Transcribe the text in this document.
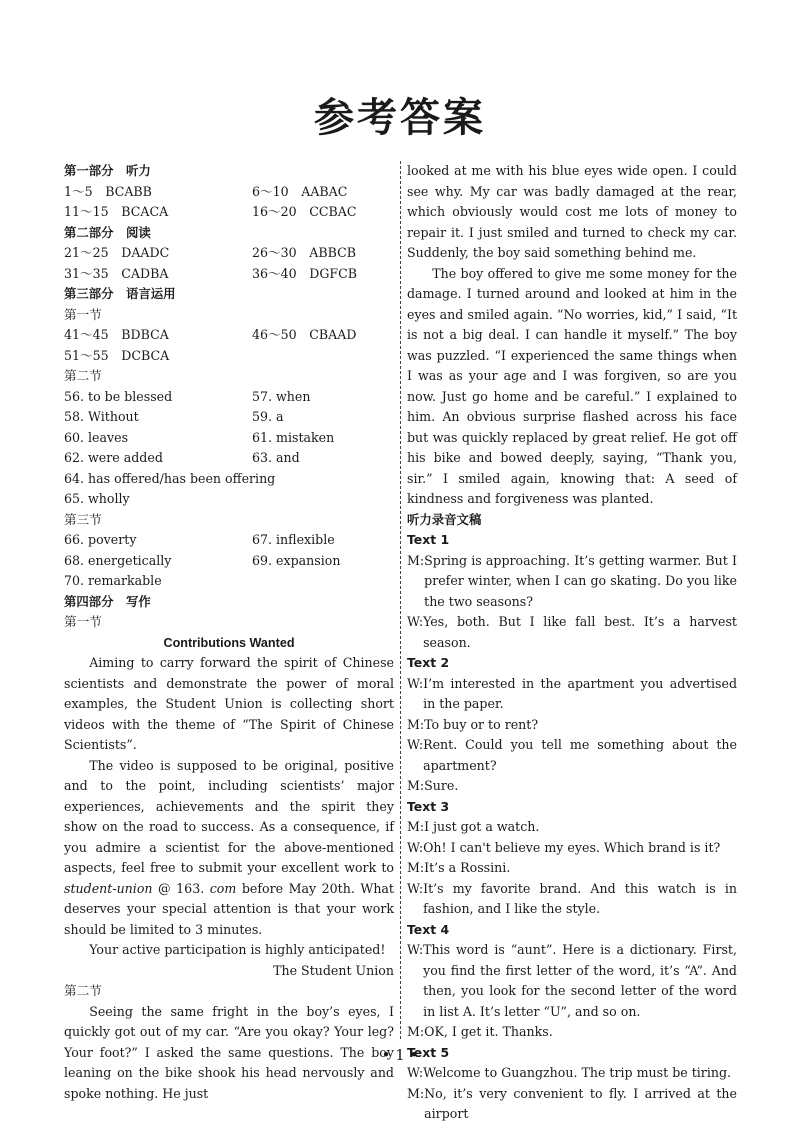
参考答案
第一部分　听力
1～5　BCABB	6～10　AABAC
11～15　BCACA	16～20　CCBAC
第二部分　阅读
21～25　DAADC	26～30　ABBCB
31～35　CADBA	36～40　DGFCB
第三部分　语言运用
第一节
41～45　BDBCA	46～50　CBAAD
51～55　DCBCA
第二节
56. to be blessed	57. when
58. Without	59. a
60. leaves	61. mistaken
62. were added	63. and
64. has offered/has been offering
65. wholly
第三节
66. poverty	67. inflexible
68. energetically	69. expansion
70. remarkable
第四部分　写作
第一节
Contributions Wanted

Aiming to carry forward the spirit of Chinese scientists and demonstrate the power of moral examples, the Student Union is collecting short videos with the theme of “The Spirit of Chinese Scientists”.

The video is supposed to be original, positive and to the point, including scientists’ major experiences, achievements and the spirit they show on the road to success. As a consequence, if you admire a scientist for the above-mentioned aspects, feel free to submit your excellent work to student-union @ 163. com before May 20th. What deserves your special attention is that your work should be limited to 3 minutes.

Your active participation is highly anticipated!

The Student Union
第二节

Seeing the same fright in the boy’s eyes, I quickly got out of my car. “Are you okay? Your leg? Your foot?” I asked the same questions. The boy leaning on the bike shook his head nervously and spoke nothing. He just

looked at me with his blue eyes wide open. I could see why. My car was badly damaged at the rear, which obviously would cost me lots of money to repair it. I just smiled and turned to check my car. Suddenly, the boy said something behind me.

The boy offered to give me some money for the damage. I turned around and looked at him in the eyes and smiled again. “No worries, kid,” I said, “It is not a big deal. I can handle it myself.” The boy was puzzled. “I experienced the same things when I was as your age and I was forgiven, so are you now. Just go home and be careful.” I explained to him. An obvious surprise flashed across his face but was quickly replaced by great relief. He got off his bike and bowed deeply, saying, “Thank you, sir.” I smiled again, knowing that: A seed of kindness and forgiveness was planted.

听力录音文稿
Text 1
M: Spring is approaching. It’s getting warmer. But I prefer winter, when I can go skating. Do you like the two seasons?
W: Yes, both. But I like fall best. It’s a harvest season.
Text 2
W: I’m interested in the apartment you advertised in the paper.
M: To buy or to rent?
W: Rent. Could you tell me something about the apartment?
M: Sure.
Text 3
M: I just got a watch.
W: Oh! I can't believe my eyes. Which brand is it?
M: It’s a Rossini.
W: It’s my favorite brand. And this watch is in fashion, and I like the style.
Text 4
W: This word is “aunt”. Here is a dictionary. First, you find the first letter of the word, it’s “A”. And then, you look for the second letter of the word in list A. It’s letter “U”, and so on.
M: OK, I get it. Thanks.
Text 5
W: Welcome to Guangzhou. The trip must be tiring.
M: No, it’s very convenient to fly. I arrived at the airport
• 1 •
